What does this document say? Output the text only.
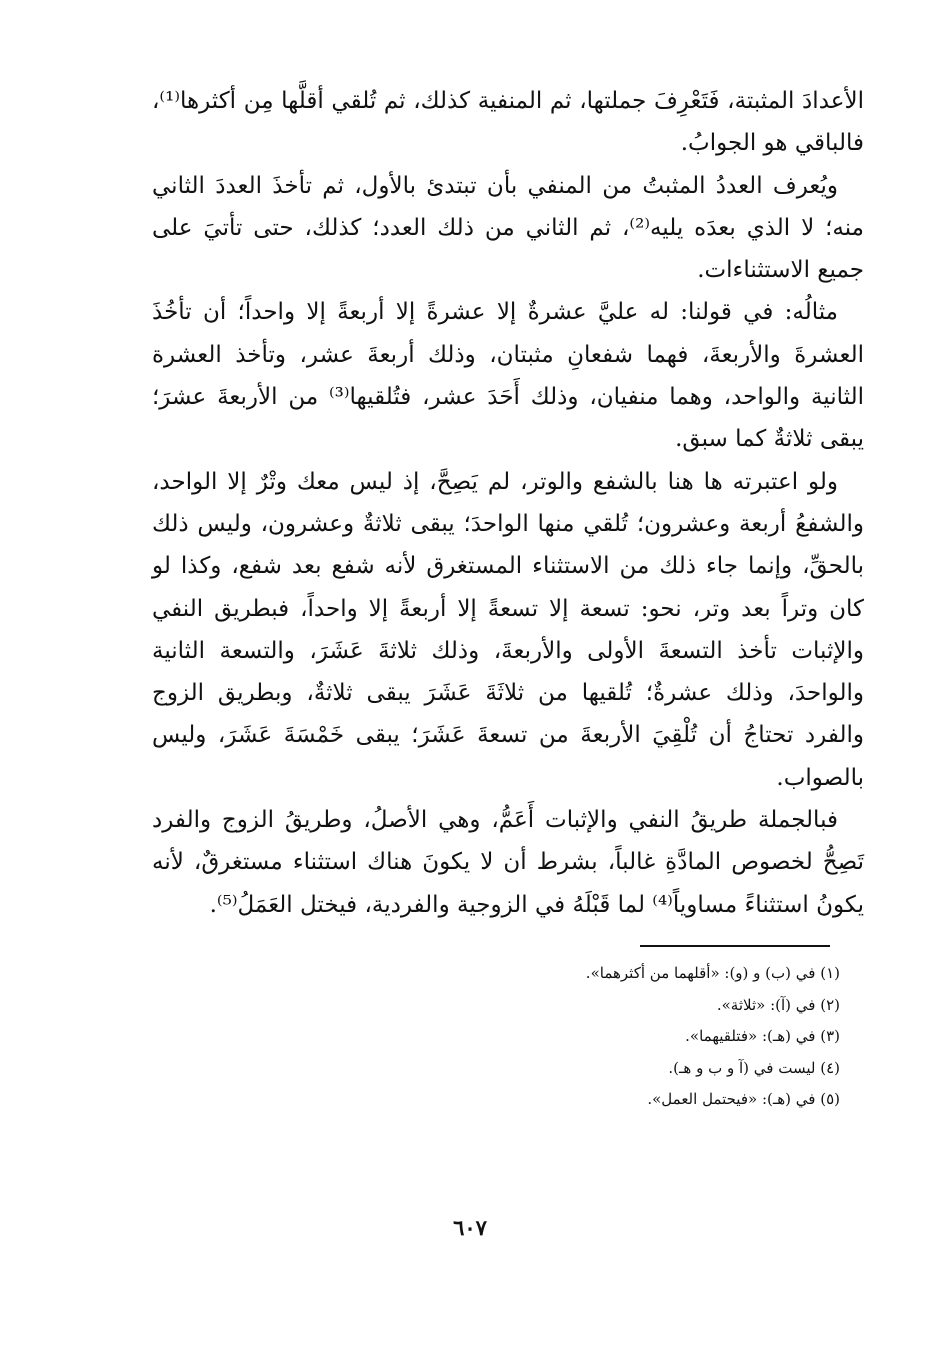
الأعدادَ المثبتة، فَتَعْرِفَ جملتها، ثم المنفية كذلك، ثم تُلقي أقلَّها مِن أكثرها⁽¹⁾، فالباقي هو الجوابُ.

ويُعرف العددُ المثبتُ من المنفي بأن تبتدئ بالأول، ثم تأخذَ العددَ الثاني منه؛ لا الذي بعدَه يليه⁽²⁾، ثم الثاني من ذلك العدد؛ كذلك، حتى تأتيَ على جميع الاستثناءات.

مثالُه: في قولنا: له عليَّ عشرةٌ إلا عشرةً إلا أربعةً إلا واحداً؛ أن تأخُذَ العشرةَ والأربعةَ، فهما شفعانِ مثبتان، وذلك أربعةَ عشر، وتأخذ العشرة الثانية والواحد، وهما منفيان، وذلك أَحَدَ عشر، فتُلقيها⁽³⁾ من الأربعةَ عشرَ؛ يبقى ثلاثةٌ كما سبق.

ولو اعتبرته ها هنا بالشفع والوتر، لم يَصِحَّ، إذ ليس معك وتْرٌ إلا الواحد، والشفعُ أربعة وعشرون؛ تُلقي منها الواحدَ؛ يبقى ثلاثةٌ وعشرون، وليس ذلك بالحقِّ، وإنما جاء ذلك من الاستثناء المستغرق لأنه شفع بعد شفع، وكذا لو كان وتراً بعد وتر، نحو: تسعة إلا تسعةً إلا أربعةً إلا واحداً، فبطريق النفي والإثبات تأخذ التسعةَ الأولى والأربعةَ، وذلك ثلاثةَ عَشَرَ، والتسعة الثانية والواحدَ، وذلك عشرةٌ؛ تُلقيها من ثلاثَةَ عَشَرَ يبقى ثلاثةٌ، وبطريق الزوج والفرد تحتاجُ أن تُلْقِيَ الأربعةَ من تسعةَ عَشَرَ؛ يبقى خَمْسَةَ عَشَرَ، وليس بالصواب.

فبالجملة طريقُ النفي والإثبات أَعَمُّ، وهي الأصلُ، وطريقُ الزوج والفرد تَصِحُّ لخصوص المادَّةِ غالباً، بشرط أن لا يكونَ هناك استثناء مستغرقٌ، لأنه يكونُ استثناءً مساوياً⁽⁴⁾ لما قَبْلَهُ في الزوجية والفردية، فيختل العَمَلُ⁽⁵⁾.

(١) في (ب) و (و): «أقلهما من أكثرهما».
(٢) في (آ): «ثلاثة».
(٣) في (هـ): «فتلقيهما».
(٤) ليست في (آ و ب و هـ).
(٥) في (هـ): «فيحتمل العمل».
٦٠٧
